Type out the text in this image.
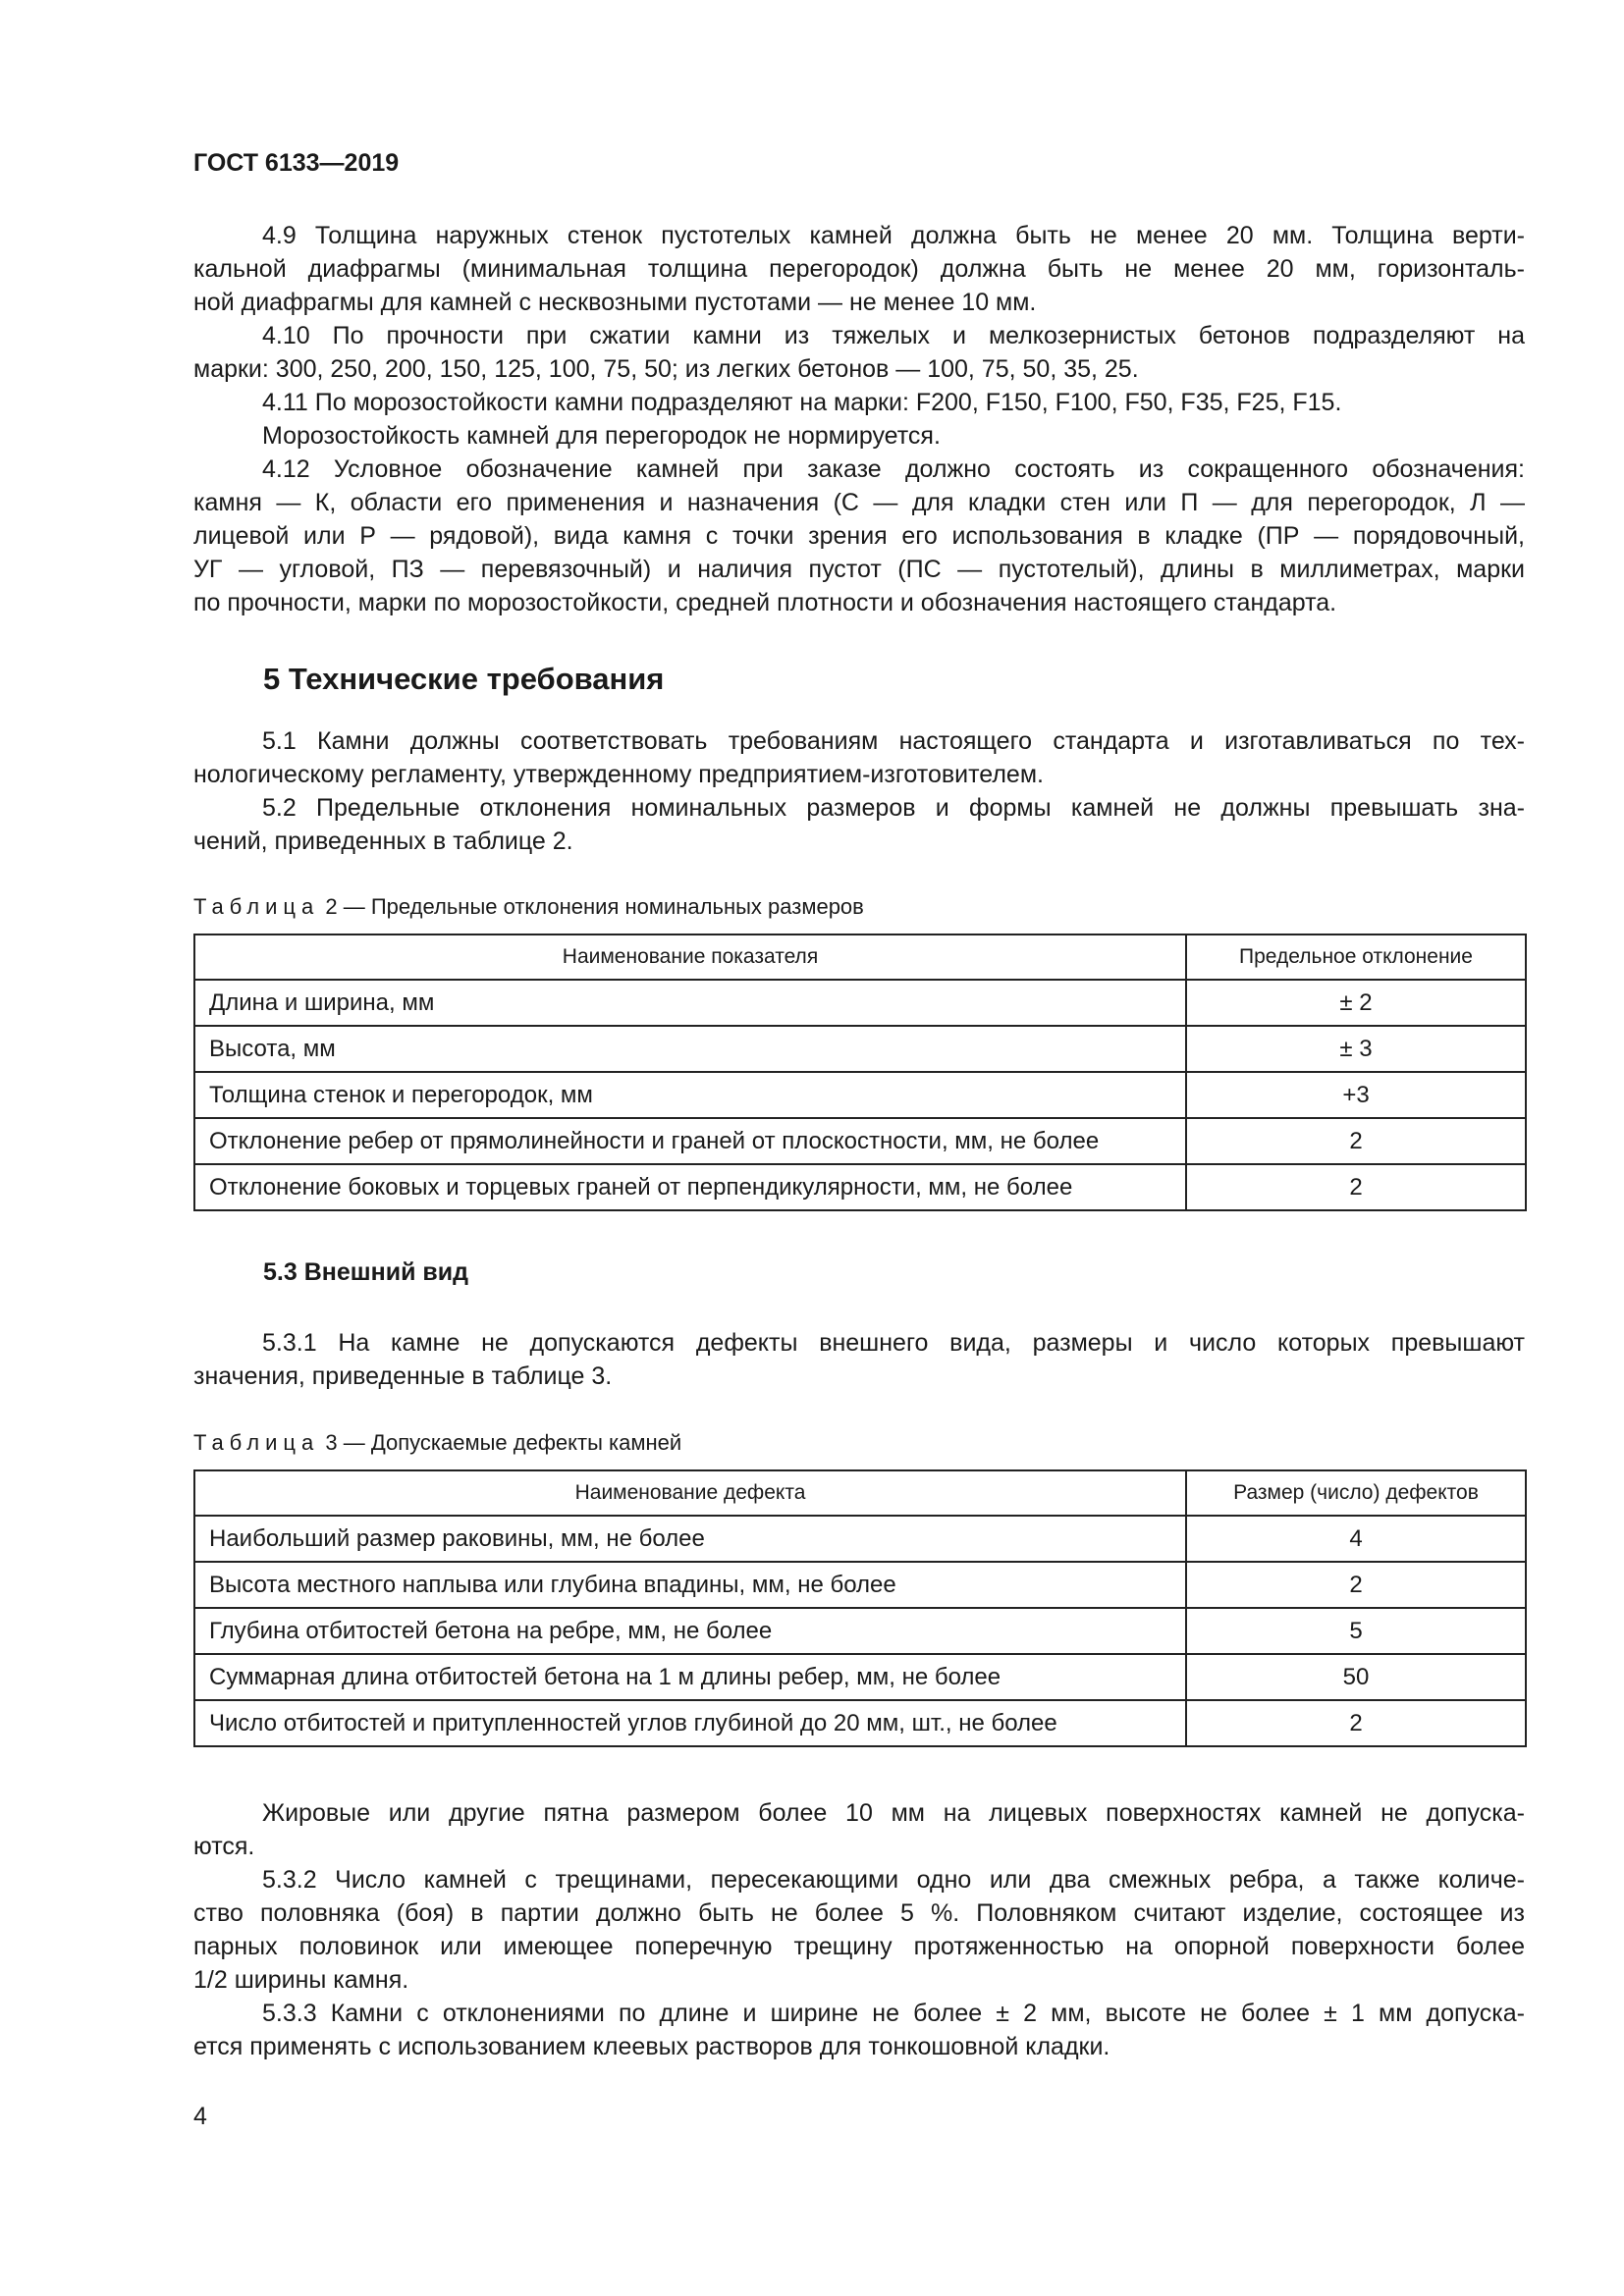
ГОСТ 6133—2019
4.9 Толщина наружных стенок пустотелых камней должна быть не менее 20 мм. Толщина верти-
кальной диафрагмы (минимальная толщина перегородок) должна быть не менее 20 мм, горизонталь-
ной диафрагмы для камней с несквозными пустотами — не менее 10 мм.
4.10 По прочности при сжатии камни из тяжелых и мелкозернистых бетонов подразделяют на
марки: 300, 250, 200, 150, 125, 100, 75, 50; из легких бетонов — 100, 75, 50, 35, 25.
4.11 По морозостойкости камни подразделяют на марки: F200, F150, F100, F50, F35, F25, F15.
Морозостойкость камней для перегородок не нормируется.
4.12 Условное обозначение камней при заказе должно состоять из сокращенного обозначения:
камня — К, области его применения и назначения (С — для кладки стен или П — для перегородок, Л —
лицевой или Р — рядовой), вида камня с точки зрения его использования в кладке (ПР — порядовочный,
УГ — угловой, ПЗ — перевязочный) и наличия пустот (ПС — пустотелый), длины в миллиметрах, марки
по прочности, марки по морозостойкости, средней плотности и обозначения настоящего стандарта.
5 Технические требования
5.1 Камни должны соответствовать требованиям настоящего стандарта и изготавливаться по тех-
нологическому регламенту, утвержденному предприятием-изготовителем.
5.2 Предельные отклонения номинальных размеров и формы камней не должны превышать зна-
чений, приведенных в таблице 2.
Таблица 2 — Предельные отклонения номинальных размеров
Наименование показателя	Предельное отклонение
Длина и ширина, мм	± 2
Высота, мм	± 3
Толщина стенок и перегородок, мм	+3
Отклонение ребер от прямолинейности и граней от плоскостности, мм, не более	2
Отклонение боковых и торцевых граней от перпендикулярности, мм, не более	2
5.3 Внешний вид
5.3.1 На камне не допускаются дефекты внешнего вида, размеры и число которых превышают
значения, приведенные в таблице 3.
Таблица 3 — Допускаемые дефекты камней
Наименование дефекта	Размер (число) дефектов
Наибольший размер раковины, мм, не более	4
Высота местного наплыва или глубина впадины, мм, не более	2
Глубина отбитостей бетона на ребре, мм, не более	5
Суммарная длина отбитостей бетона на 1 м длины ребер, мм, не более	50
Число отбитостей и притупленностей углов глубиной до 20 мм, шт., не более	2
Жировые или другие пятна размером более 10 мм на лицевых поверхностях камней не допуска-
ются.
5.3.2 Число камней с трещинами, пересекающими одно или два смежных ребра, а также количе-
ство половняка (боя) в партии должно быть не более 5 %. Половняком считают изделие, состоящее из
парных половинок или имеющее поперечную трещину протяженностью на опорной поверхности более
1/2 ширины камня.
5.3.3 Камни с отклонениями по длине и ширине не более ± 2 мм, высоте не более ± 1 мм допуска-
ется применять с использованием клеевых растворов для тонкошовной кладки.
4
